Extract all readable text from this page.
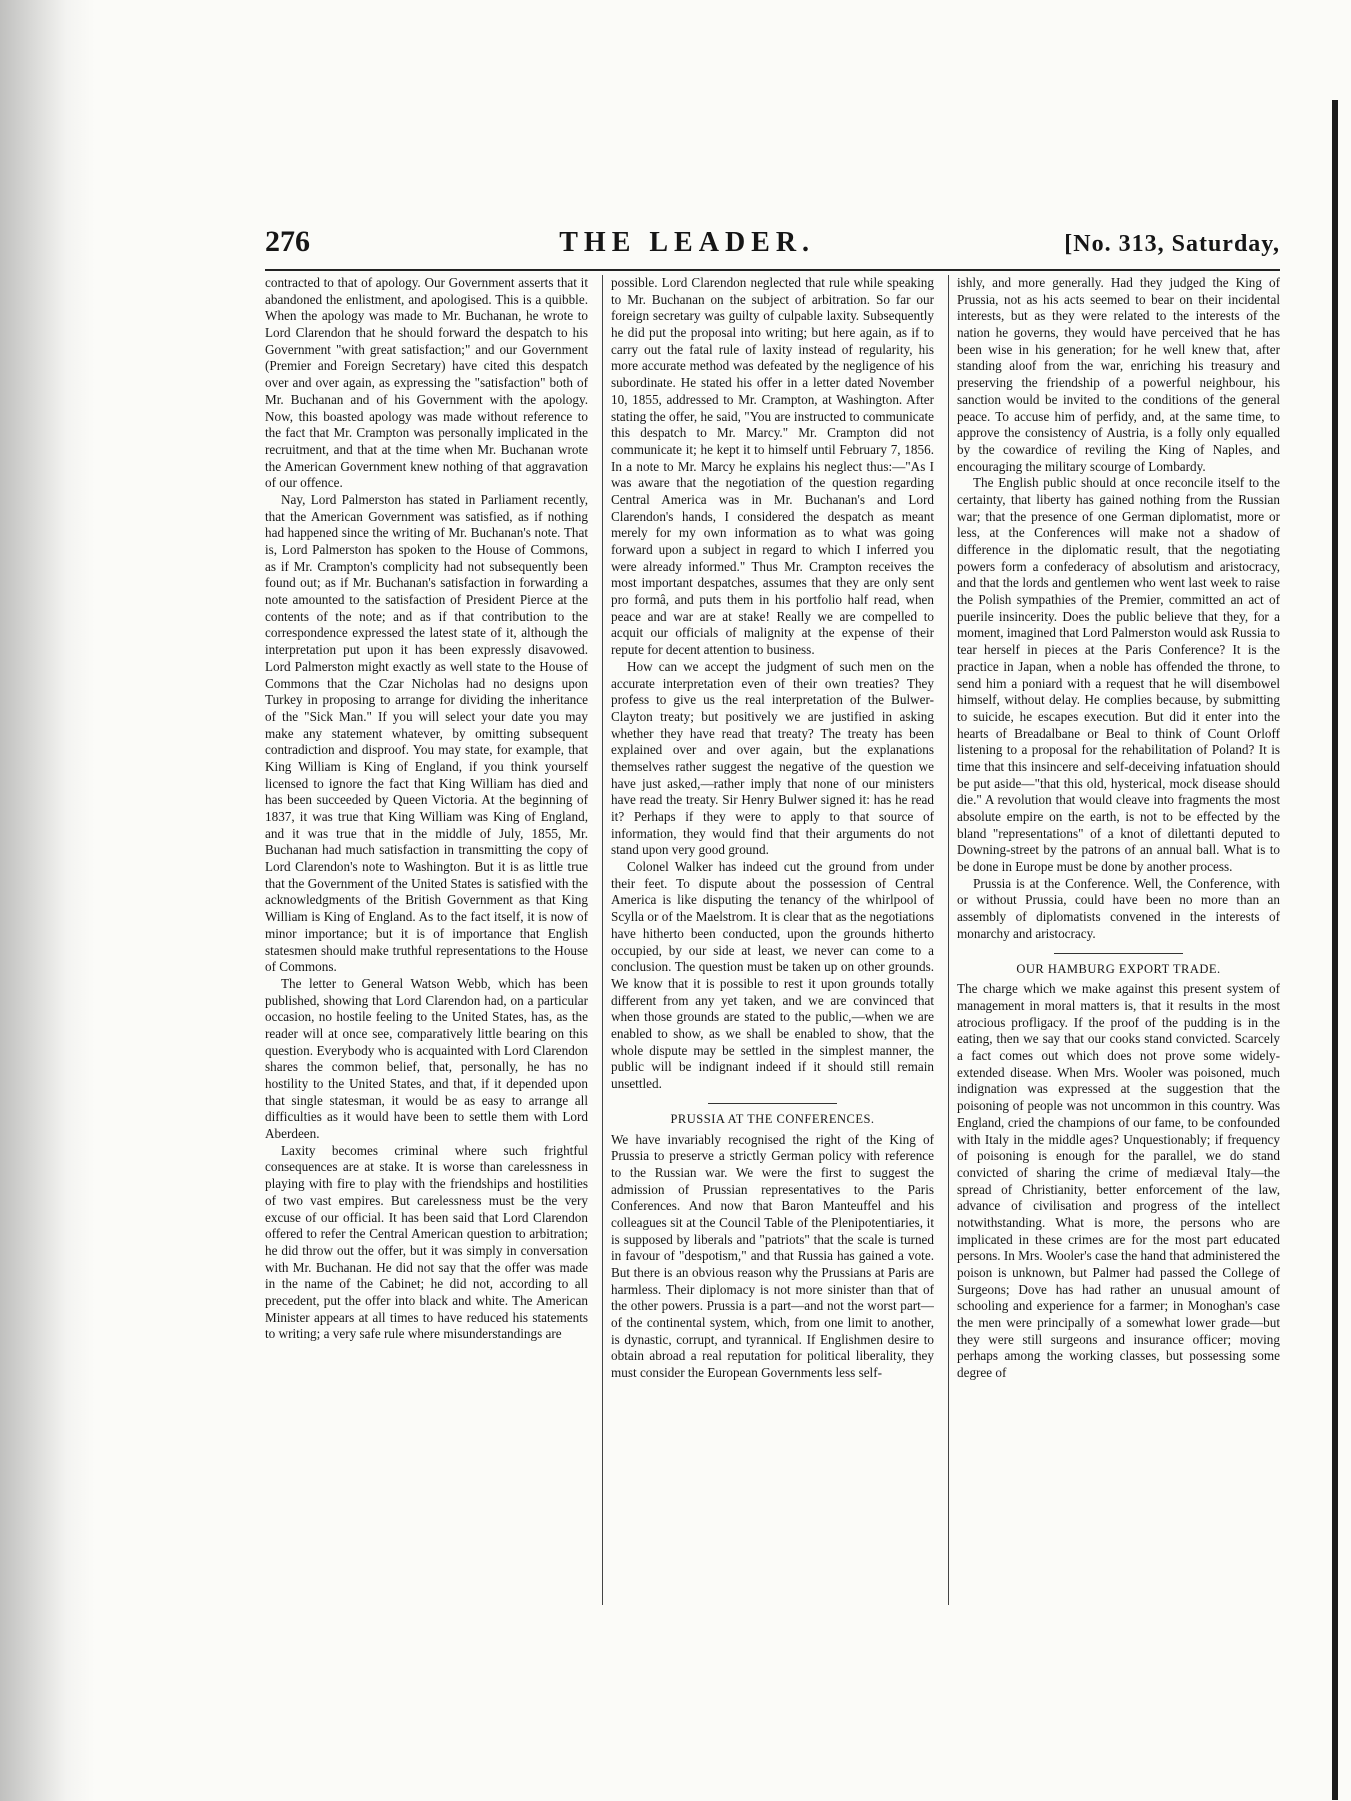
276	THE LEADER.	[No. 313, Saturday,

contracted to that of apology. Our Government asserts that it abandoned the enlistment, and apologised. This is a quibble. When the apology was made to Mr. Buchanan, he wrote to Lord Clarendon that he should forward the despatch to his Government "with great satisfaction;" and our Government (Premier and Foreign Secretary) have cited this despatch over and over again, as expressing the "satisfaction" both of Mr. Buchanan and of his Government with the apology. Now, this boasted apology was made without reference to the fact that Mr. Crampton was personally implicated in the recruitment, and that at the time when Mr. Buchanan wrote the American Government knew nothing of that aggravation of our offence.

Nay, Lord Palmerston has stated in Parliament recently, that the American Government was satisfied, as if nothing had happened since the writing of Mr. Buchanan's note. That is, Lord Palmerston has spoken to the House of Commons, as if Mr. Crampton's complicity had not subsequently been found out; as if Mr. Buchanan's satisfaction in forwarding a note amounted to the satisfaction of President Pierce at the contents of the note; and as if that contribution to the correspondence expressed the latest state of it, although the interpretation put upon it has been expressly disavowed. Lord Palmerston might exactly as well state to the House of Commons that the Czar Nicholas had no designs upon Turkey in proposing to arrange for dividing the inheritance of the "Sick Man." If you will select your date you may make any statement whatever, by omitting subsequent contradiction and disproof. You may state, for example, that King William is King of England, if you think yourself licensed to ignore the fact that King William has died and has been succeeded by Queen Victoria. At the beginning of 1837, it was true that King William was King of England, and it was true that in the middle of July, 1855, Mr. Buchanan had much satisfaction in transmitting the copy of Lord Clarendon's note to Washington. But it is as little true that the Government of the United States is satisfied with the acknowledgments of the British Government as that King William is King of England. As to the fact itself, it is now of minor importance; but it is of importance that English statesmen should make truthful representations to the House of Commons.

The letter to General Watson Webb, which has been published, showing that Lord Clarendon had, on a particular occasion, no hostile feeling to the United States, has, as the reader will at once see, comparatively little bearing on this question. Everybody who is acquainted with Lord Clarendon shares the common belief, that, personally, he has no hostility to the United States, and that, if it depended upon that single statesman, it would be as easy to arrange all difficulties as it would have been to settle them with Lord Aberdeen.

Laxity becomes criminal where such frightful consequences are at stake. It is worse than carelessness in playing with fire to play with the friendships and hostilities of two vast empires. But carelessness must be the very excuse of our official. It has been said that Lord Clarendon offered to refer the Central American question to arbitration; he did throw out the offer, but it was simply in conversation with Mr. Buchanan. He did not say that the offer was made in the name of the Cabinet; he did not, according to all precedent, put the offer into black and white. The American Minister appears at all times to have reduced his statements to writing; a very safe rule where misunderstandings are

possible. Lord Clarendon neglected that rule while speaking to Mr. Buchanan on the subject of arbitration. So far our foreign secretary was guilty of culpable laxity. Subsequently he did put the proposal into writing; but here again, as if to carry out the fatal rule of laxity instead of regularity, his more accurate method was defeated by the negligence of his subordinate. He stated his offer in a letter dated November 10, 1855, addressed to Mr. Crampton, at Washington. After stating the offer, he said, "You are instructed to communicate this despatch to Mr. Marcy." Mr. Crampton did not communicate it; he kept it to himself until February 7, 1856. In a note to Mr. Marcy he explains his neglect thus:—"As I was aware that the negotiation of the question regarding Central America was in Mr. Buchanan's and Lord Clarendon's hands, I considered the despatch as meant merely for my own information as to what was going forward upon a subject in regard to which I inferred you were already informed." Thus Mr. Crampton receives the most important despatches, assumes that they are only sent pro formâ, and puts them in his portfolio half read, when peace and war are at stake! Really we are compelled to acquit our officials of malignity at the expense of their repute for decent attention to business.

How can we accept the judgment of such men on the accurate interpretation even of their own treaties? They profess to give us the real interpretation of the Bulwer-Clayton treaty; but positively we are justified in asking whether they have read that treaty? The treaty has been explained over and over again, but the explanations themselves rather suggest the negative of the question we have just asked,—rather imply that none of our ministers have read the treaty. Sir Henry Bulwer signed it: has he read it? Perhaps if they were to apply to that source of information, they would find that their arguments do not stand upon very good ground.

Colonel Walker has indeed cut the ground from under their feet. To dispute about the possession of Central America is like disputing the tenancy of the whirlpool of Scylla or of the Maelstrom. It is clear that as the negotiations have hitherto been conducted, upon the grounds hitherto occupied, by our side at least, we never can come to a conclusion. The question must be taken up on other grounds. We know that it is possible to rest it upon grounds totally different from any yet taken, and we are convinced that when those grounds are stated to the public,—when we are enabled to show, as we shall be enabled to show, that the whole dispute may be settled in the simplest manner, the public will be indignant indeed if it should still remain unsettled.

PRUSSIA AT THE CONFERENCES.

We have invariably recognised the right of the King of Prussia to preserve a strictly German policy with reference to the Russian war. We were the first to suggest the admission of Prussian representatives to the Paris Conferences. And now that Baron Manteuffel and his colleagues sit at the Council Table of the Plenipotentiaries, it is supposed by liberals and "patriots" that the scale is turned in favour of "despotism," and that Russia has gained a vote. But there is an obvious reason why the Prussians at Paris are harmless. Their diplomacy is not more sinister than that of the other powers. Prussia is a part—and not the worst part—of the continental system, which, from one limit to another, is dynastic, corrupt, and tyrannical. If Englishmen desire to obtain abroad a real reputation for political liberality, they must consider the European Governments less self-

ishly, and more generally. Had they judged the King of Prussia, not as his acts seemed to bear on their incidental interests, but as they were related to the interests of the nation he governs, they would have perceived that he has been wise in his generation; for he well knew that, after standing aloof from the war, enriching his treasury and preserving the friendship of a powerful neighbour, his sanction would be invited to the conditions of the general peace. To accuse him of perfidy, and, at the same time, to approve the consistency of Austria, is a folly only equalled by the cowardice of reviling the King of Naples, and encouraging the military scourge of Lombardy.

The English public should at once reconcile itself to the certainty, that liberty has gained nothing from the Russian war; that the presence of one German diplomatist, more or less, at the Conferences will make not a shadow of difference in the diplomatic result, that the negotiating powers form a confederacy of absolutism and aristocracy, and that the lords and gentlemen who went last week to raise the Polish sympathies of the Premier, committed an act of puerile insincerity. Does the public believe that they, for a moment, imagined that Lord Palmerston would ask Russia to tear herself in pieces at the Paris Conference? It is the practice in Japan, when a noble has offended the throne, to send him a poniard with a request that he will disembowel himself, without delay. He complies because, by submitting to suicide, he escapes execution. But did it enter into the hearts of Breadalbane or Beal to think of Count Orloff listening to a proposal for the rehabilitation of Poland? It is time that this insincere and self-deceiving infatuation should be put aside—"that this old, hysterical, mock disease should die." A revolution that would cleave into fragments the most absolute empire on the earth, is not to be effected by the bland "representations" of a knot of dilettanti deputed to Downing-street by the patrons of an annual ball. What is to be done in Europe must be done by another process.

Prussia is at the Conference. Well, the Conference, with or without Prussia, could have been no more than an assembly of diplomatists convened in the interests of monarchy and aristocracy.

OUR HAMBURG EXPORT TRADE.

The charge which we make against this present system of management in moral matters is, that it results in the most atrocious profligacy. If the proof of the pudding is in the eating, then we say that our cooks stand convicted. Scarcely a fact comes out which does not prove some widely-extended disease. When Mrs. Wooler was poisoned, much indignation was expressed at the suggestion that the poisoning of people was not uncommon in this country. Was England, cried the champions of our fame, to be confounded with Italy in the middle ages? Unquestionably; if frequency of poisoning is enough for the parallel, we do stand convicted of sharing the crime of mediæval Italy—the spread of Christianity, better enforcement of the law, advance of civilisation and progress of the intellect notwithstanding. What is more, the persons who are implicated in these crimes are for the most part educated persons. In Mrs. Wooler's case the hand that administered the poison is unknown, but Palmer had passed the College of Surgeons; Dove has had rather an unusual amount of schooling and experience for a farmer; in Monoghan's case the men were principally of a somewhat lower grade—but they were still surgeons and insurance officer; moving perhaps among the working classes, but possessing some degree of
